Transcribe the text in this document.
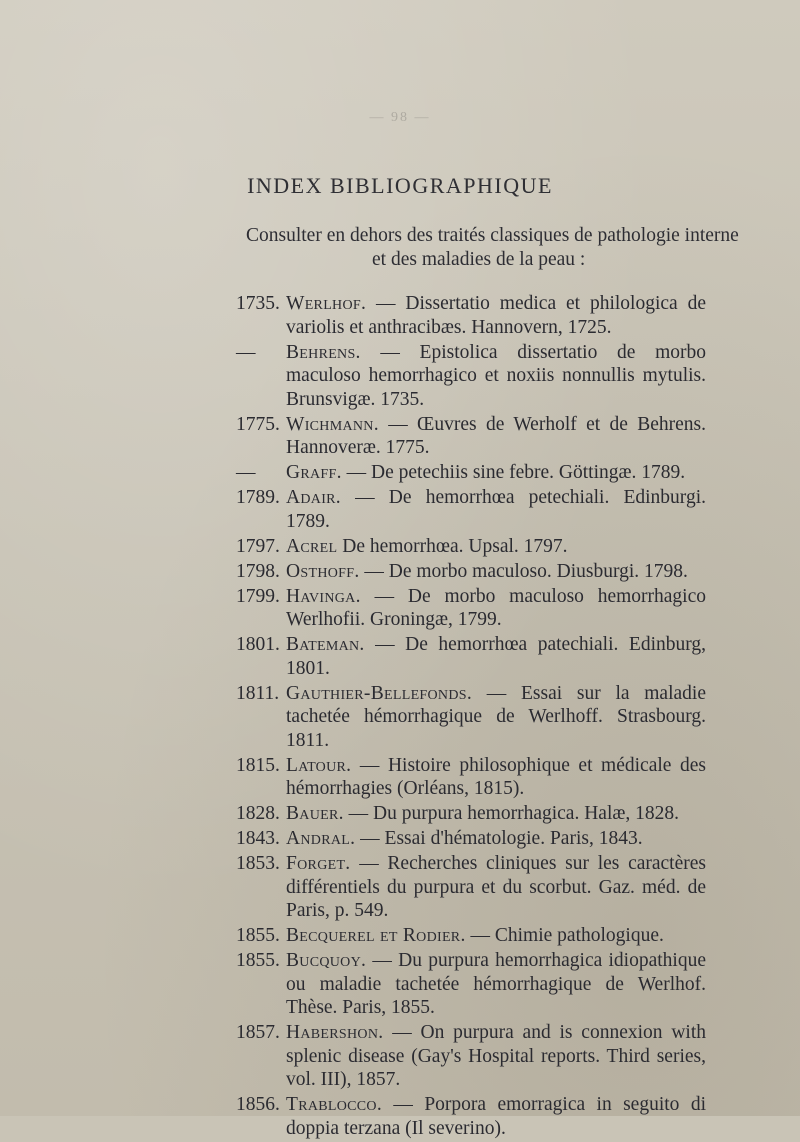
— 98 —
INDEX BIBLIOGRAPHIQUE
Consulter en dehors des traités classiques de pathologie interne
et des maladies de la peau :
1735. Werlhof. — Dissertatio medica et philologica de variolis et anthracibæs. Hannovern, 1725.
—	Behrens. — Epistolica dissertatio de morbo maculoso hemorrhagico et noxiis nonnullis mytulis. Brunsvigæ. 1735.
1775. Wichmann. — Œuvres de Werholf et de Behrens. Hannoveræ. 1775.
—	Graff. — De petechiis sine febre. Göttingæ. 1789.
1789. Adair. — De hemorrhœa petechiali. Edinburgi. 1789.
1797. Acrel De hemorrhœa. Upsal. 1797.
1798. Osthoff. — De morbo maculoso. Diusburgi. 1798.
1799. Havinga. — De morbo maculoso hemorrhagico Werlhofii. Groningæ, 1799.
1801. Bateman. — De hemorrhœa patechiali. Edinburg, 1801.
1811. Gauthier-Bellefonds. — Essai sur la maladie tachetée hémorrhagique de Werlhoff. Strasbourg. 1811.
1815. Latour. — Histoire philosophique et médicale des hémorrhagies (Orléans, 1815).
1828. Bauer. — Du purpura hemorrhagica. Halæ, 1828.
1843. Andral. — Essai d'hématologie. Paris, 1843.
1853. Forget. — Recherches cliniques sur les caractères différentiels du purpura et du scorbut. Gaz. méd. de Paris, p. 549.
1855. Becquerel et Rodier. — Chimie pathologique.
1855. Bucquoy. — Du purpura hemorrhagica idiopathique ou maladie tachetée hémorrhagique de Werlhof. Thèse. Paris, 1855.
1857. Habershon. — On purpura and is connexion with splenic disease (Gay's Hospital reports. Third series, vol. III), 1857.
1856. Trablocco. — Porpora emorragica in seguito di doppia terzana (Il severino).
